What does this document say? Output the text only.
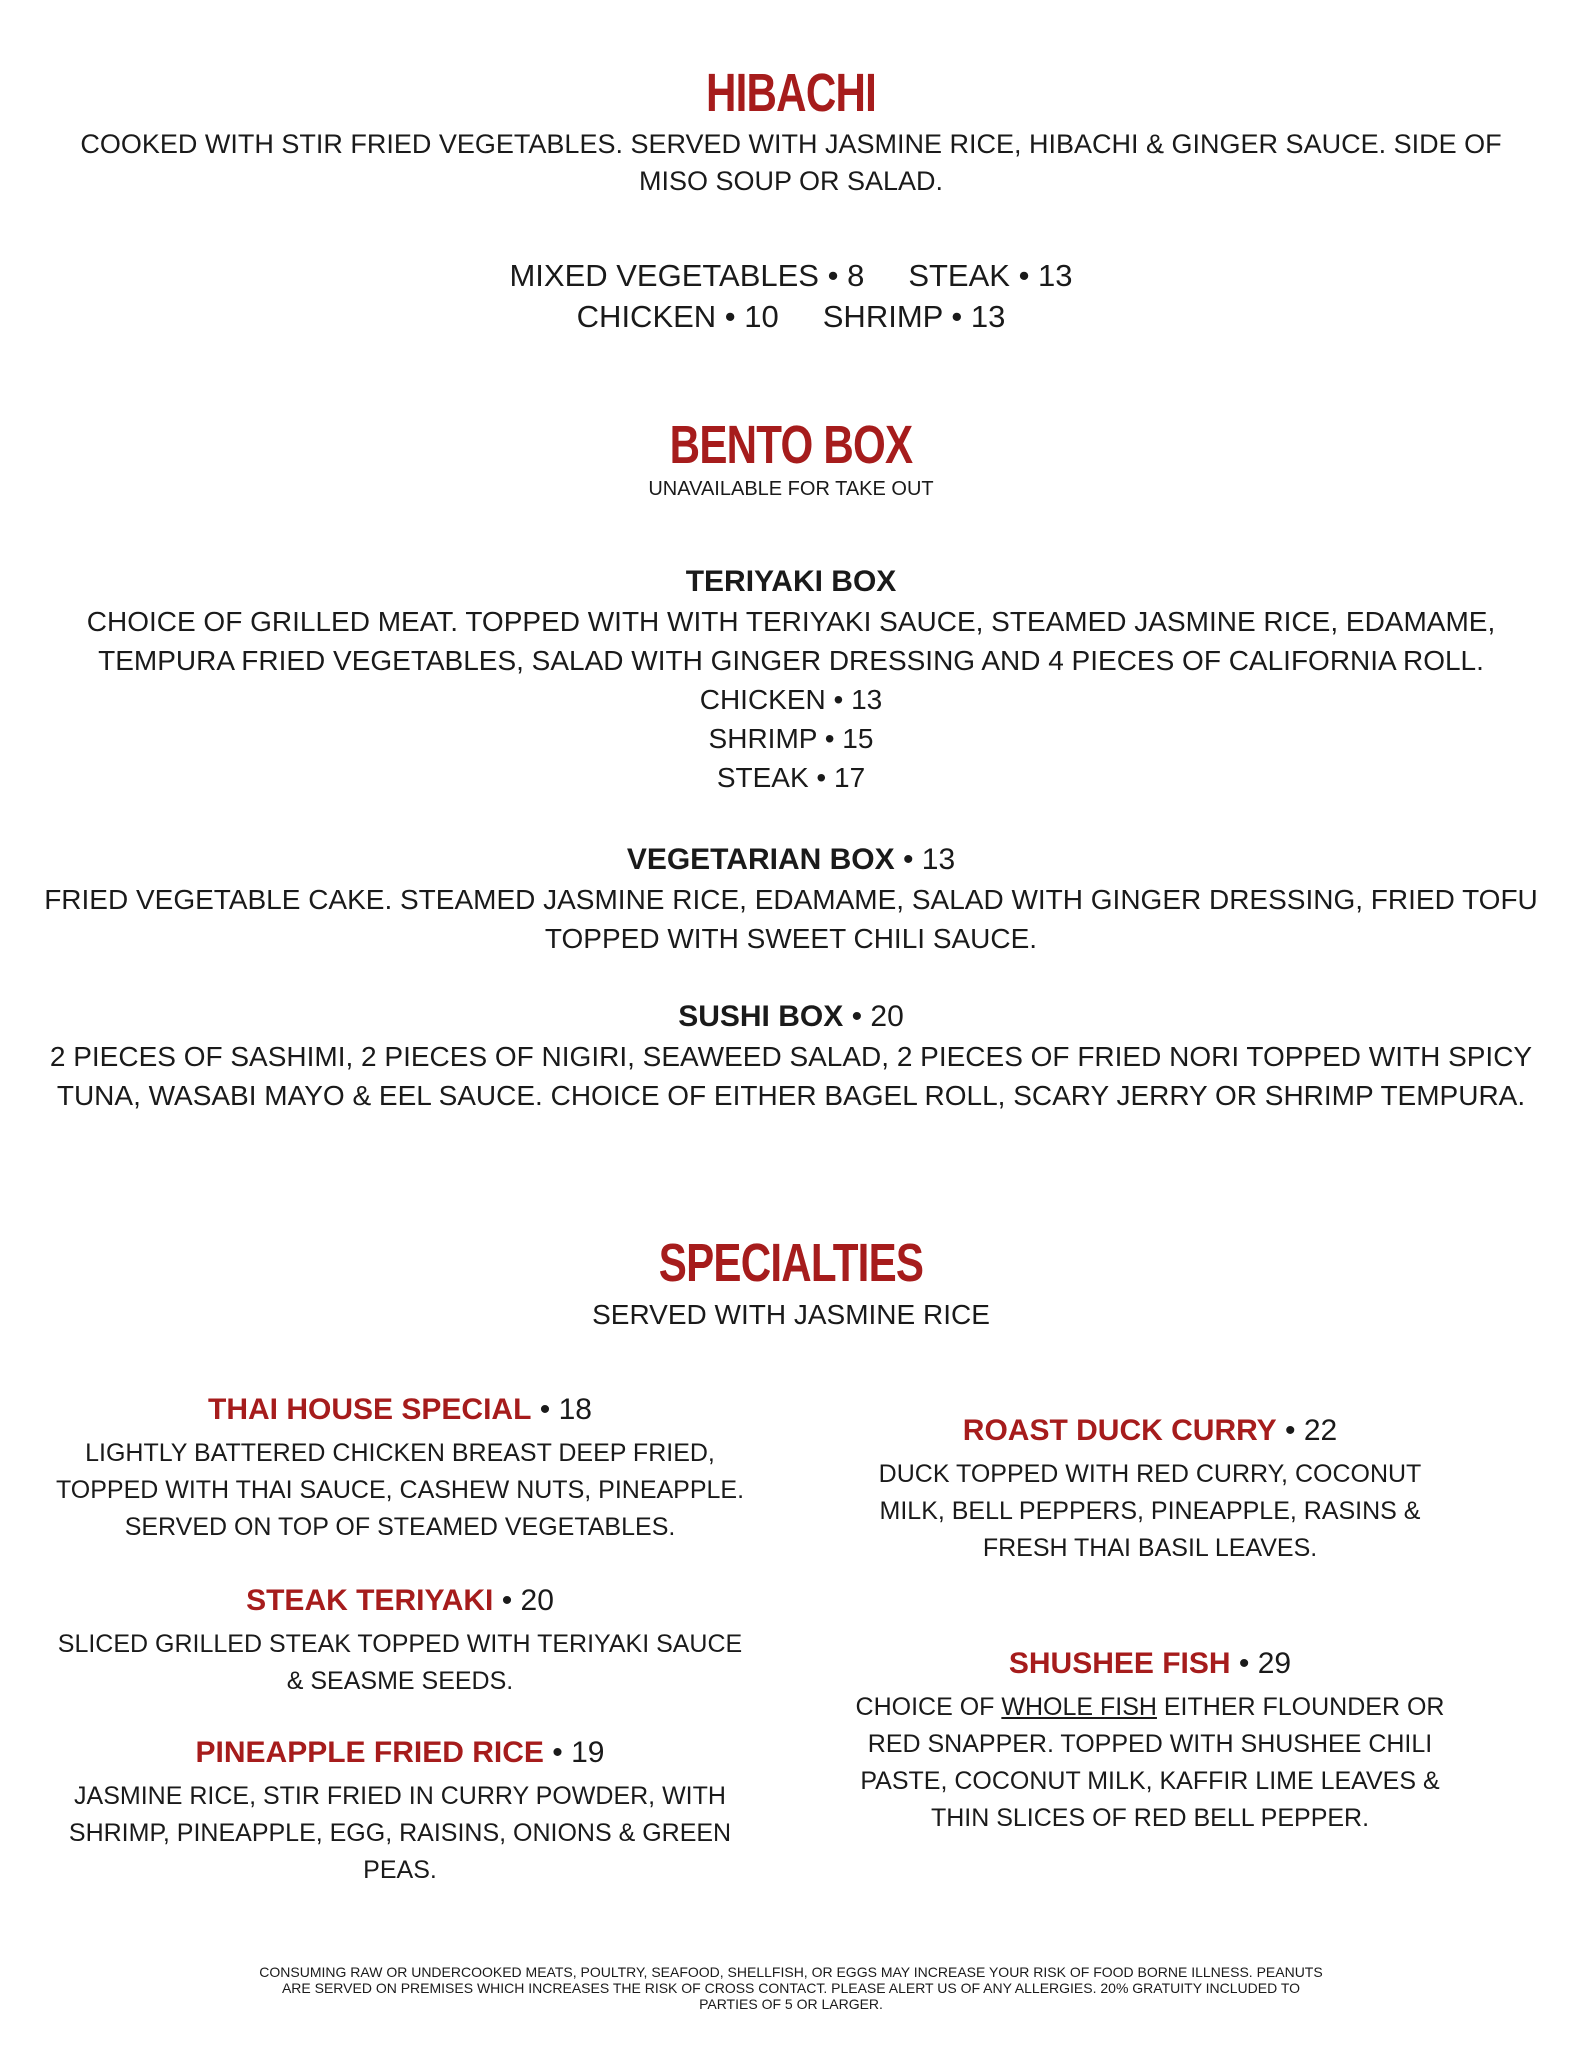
HIBACHI
COOKED WITH STIR FRIED VEGETABLES. SERVED WITH JASMINE RICE, HIBACHI & GINGER SAUCE. SIDE OF MISO SOUP OR SALAD.
MIXED VEGETABLES • 8 STEAK • 13
CHICKEN • 10 SHRIMP • 13
BENTO BOX
UNAVAILABLE FOR TAKE OUT
TERIYAKI BOX
CHOICE OF GRILLED MEAT. TOPPED WITH WITH TERIYAKI SAUCE, STEAMED JASMINE RICE, EDAMAME,
TEMPURA FRIED VEGETABLES, SALAD WITH GINGER DRESSING AND 4 PIECES OF CALIFORNIA ROLL.
CHICKEN • 13
SHRIMP • 15
STEAK • 17
VEGETARIAN BOX • 13
FRIED VEGETABLE CAKE. STEAMED JASMINE RICE, EDAMAME, SALAD WITH GINGER DRESSING, FRIED TOFU
TOPPED WITH SWEET CHILI SAUCE.
SUSHI BOX • 20
2 PIECES OF SASHIMI, 2 PIECES OF NIGIRI, SEAWEED SALAD, 2 PIECES OF FRIED NORI TOPPED WITH SPICY
TUNA, WASABI MAYO & EEL SAUCE. CHOICE OF EITHER BAGEL ROLL, SCARY JERRY OR SHRIMP TEMPURA.
SPECIALTIES
SERVED WITH JASMINE RICE
THAI HOUSE SPECIAL • 18
LIGHTLY BATTERED CHICKEN BREAST DEEP FRIED,
TOPPED WITH THAI SAUCE, CASHEW NUTS, PINEAPPLE.
SERVED ON TOP OF STEAMED VEGETABLES.
STEAK TERIYAKI • 20
SLICED GRILLED STEAK TOPPED WITH TERIYAKI SAUCE
& SEASME SEEDS.
PINEAPPLE FRIED RICE • 19
JASMINE RICE, STIR FRIED IN CURRY POWDER, WITH
SHRIMP, PINEAPPLE, EGG, RAISINS, ONIONS & GREEN
PEAS.
ROAST DUCK CURRY • 22
DUCK TOPPED WITH RED CURRY, COCONUT
MILK, BELL PEPPERS, PINEAPPLE, RASINS &
FRESH THAI BASIL LEAVES.
SHUSHEE FISH • 29
CHOICE OF WHOLE FISH EITHER FLOUNDER OR
RED SNAPPER. TOPPED WITH SHUSHEE CHILI
PASTE, COCONUT MILK, KAFFIR LIME LEAVES &
THIN SLICES OF RED BELL PEPPER.
CONSUMING RAW OR UNDERCOOKED MEATS, POULTRY, SEAFOOD, SHELLFISH, OR EGGS MAY INCREASE YOUR RISK OF FOOD BORNE ILLNESS. PEANUTS
ARE SERVED ON PREMISES WHICH INCREASES THE RISK OF CROSS CONTACT. PLEASE ALERT US OF ANY ALLERGIES. 20% GRATUITY INCLUDED TO
PARTIES OF 5 OR LARGER.
